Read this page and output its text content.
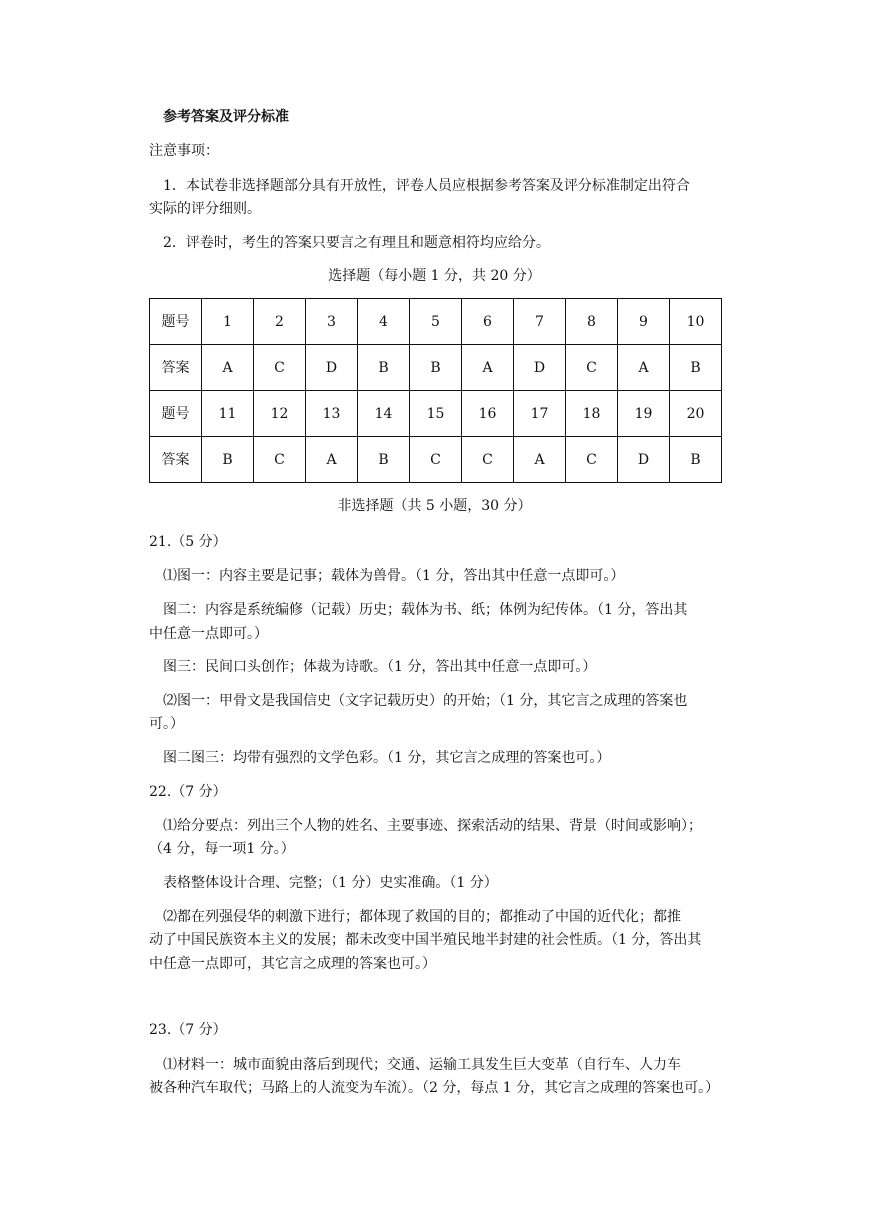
参考答案及评分标准
注意事项：
1．本试卷非选择题部分具有开放性，评卷人员应根据参考答案及评分标准制定出符合
实际的评分细则。
2．评卷时，考生的答案只要言之有理且和题意相符均应给分。
选择题（每小题 1 分，共 20 分）
题号	1	2	3	4	5	6	7	8	9	10
答案	A	C	D	B	B	A	D	C	A	B
题号	11	12	13	14	15	16	17	18	19	20
答案	B	C	A	B	C	C	A	C	D	B
非选择题（共 5 小题，30 分）
21.（5 分）
⑴图一：内容主要是记事；载体为兽骨。（1 分，答出其中任意一点即可。）
图二：内容是系统编修（记载）历史；载体为书、纸；体例为纪传体。（1 分，答出其
中任意一点即可。）
图三：民间口头创作；体裁为诗歌。（1 分，答出其中任意一点即可。）
⑵图一：甲骨文是我国信史（文字记载历史）的开始；（1 分，其它言之成理的答案也
可。）
图二图三：均带有强烈的文学色彩。（1 分，其它言之成理的答案也可。）
22.（7 分）
⑴给分要点：列出三个人物的姓名、主要事迹、探索活动的结果、背景（时间或影响）；
（4 分，每一项1 分。）
表格整体设计合理、完整；（1 分）史实准确。（1 分）
⑵都在列强侵华的刺激下进行；都体现了救国的目的；都推动了中国的近代化；都推
动了中国民族资本主义的发展；都未改变中国半殖民地半封建的社会性质。（1 分，答出其
中任意一点即可，其它言之成理的答案也可。）
23.（7 分）
⑴材料一：城市面貌由落后到现代；交通、运输工具发生巨大变革（自行车、人力车
被各种汽车取代；马路上的人流变为车流）。（2 分，每点 1 分，其它言之成理的答案也可。）
